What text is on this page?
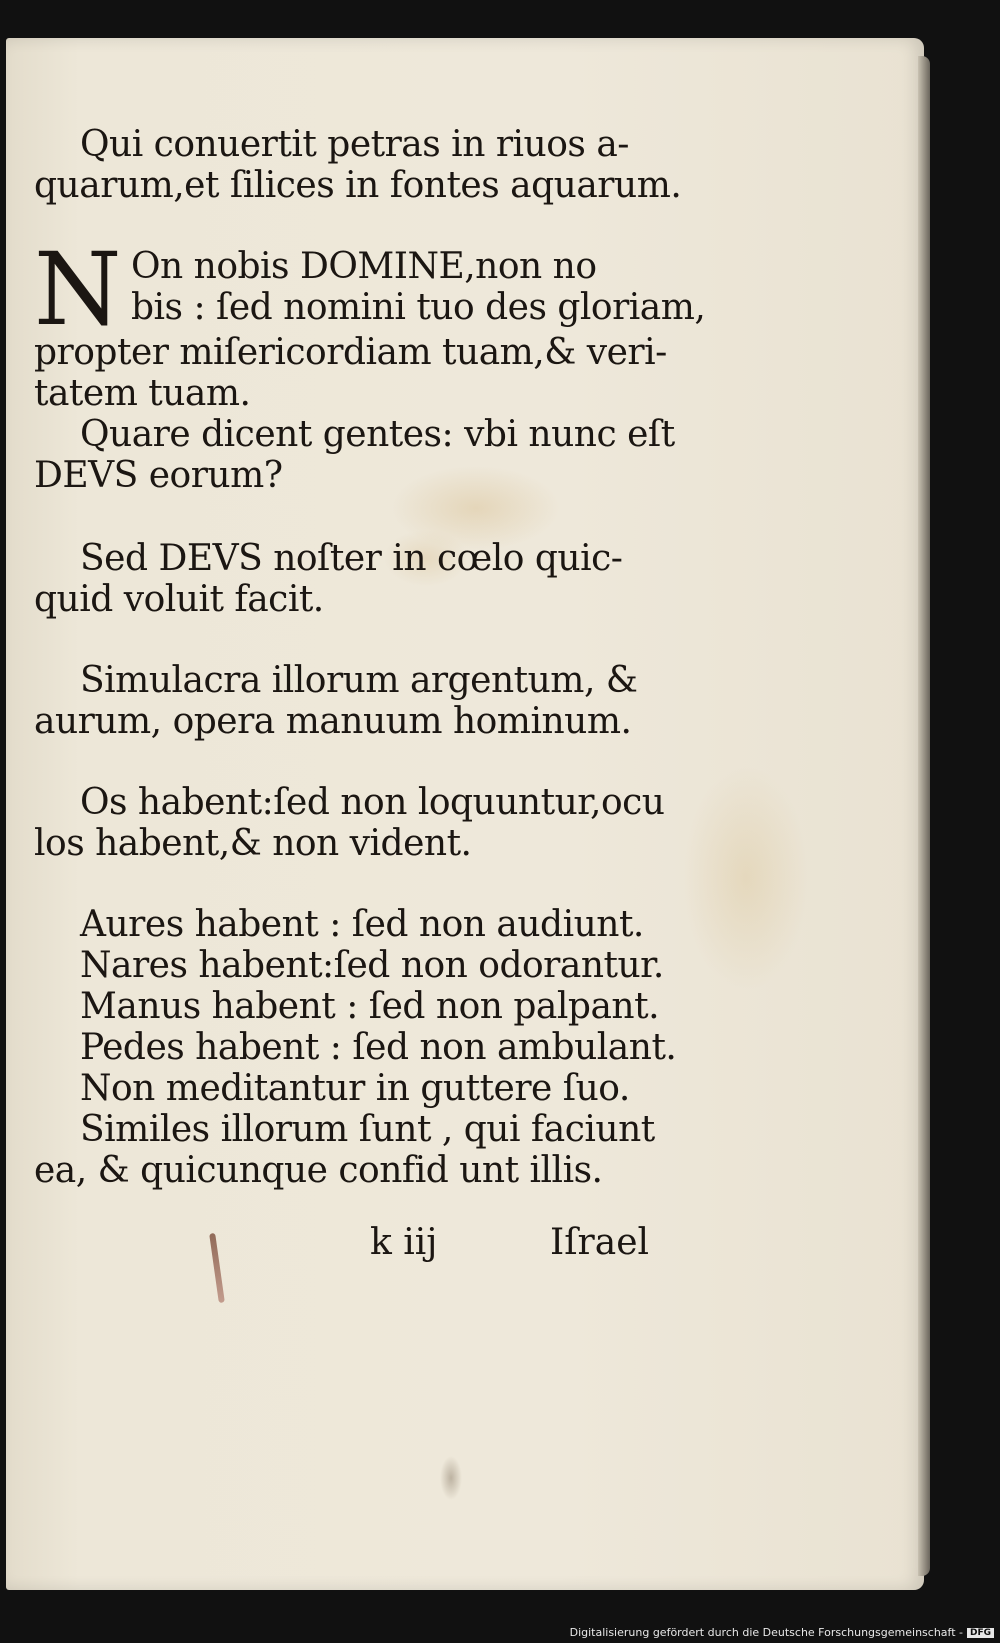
Qui conuertit petras in riuos a-
quarum,et ſilices in fontes aquarum.

N On nobis DOMINE,non no
bis : ſed nomini tuo des gloriam,
propter miſericordiam tuam,& veri-
tatem tuam.

Quare dicent gentes: vbi nunc eſt
DEVS eorum?

Sed DEVS noſter in cœlo quic-
quid voluit facit.

Simulacra illorum argentum, &
aurum, opera manuum hominum.

Os habent:ſed non loquuntur,ocu
los habent,& non vident.

Aures habent : ſed non audiunt.
Nares habent:ſed non odorantur.
Manus habent : ſed non palpant.
Pedes habent : ſed non ambulant.
Non meditantur in guttere ſuo.
Similes illorum ſunt , qui faciunt
ea, & quicunque confid unt illis.

k iij	Iſrael
Digitalisierung gefördert durch die Deutsche Forschungsgemeinschaft - DFG
